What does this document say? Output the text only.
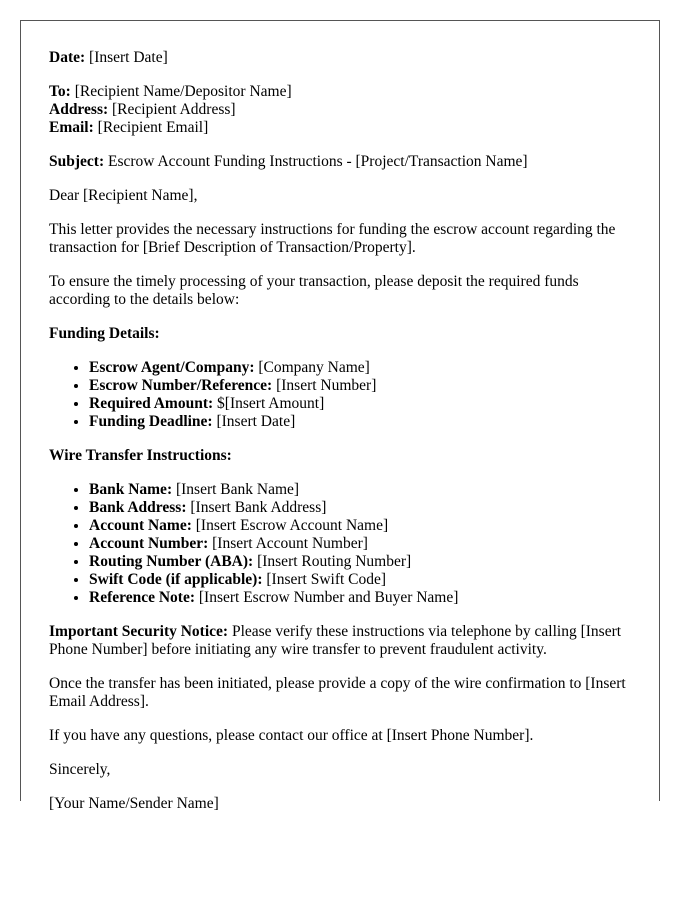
Date: [Insert Date]

To: [Recipient Name/Depositor Name]
Address: [Recipient Address]
Email: [Recipient Email]

Subject: Escrow Account Funding Instructions - [Project/Transaction Name]

Dear [Recipient Name],

This letter provides the necessary instructions for funding the escrow account regarding the transaction for [Brief Description of Transaction/Property].

To ensure the timely processing of your transaction, please deposit the required funds according to the details below:

Funding Details:

• Escrow Agent/Company: [Company Name]
• Escrow Number/Reference: [Insert Number]
• Required Amount: $[Insert Amount]
• Funding Deadline: [Insert Date]

Wire Transfer Instructions:

• Bank Name: [Insert Bank Name]
• Bank Address: [Insert Bank Address]
• Account Name: [Insert Escrow Account Name]
• Account Number: [Insert Account Number]
• Routing Number (ABA): [Insert Routing Number]
• Swift Code (if applicable): [Insert Swift Code]
• Reference Note: [Insert Escrow Number and Buyer Name]

Important Security Notice: Please verify these instructions via telephone by calling [Insert Phone Number] before initiating any wire transfer to prevent fraudulent activity.

Once the transfer has been initiated, please provide a copy of the wire confirmation to [Insert Email Address].

If you have any questions, please contact our office at [Insert Phone Number].

Sincerely,

[Your Name/Sender Name]
